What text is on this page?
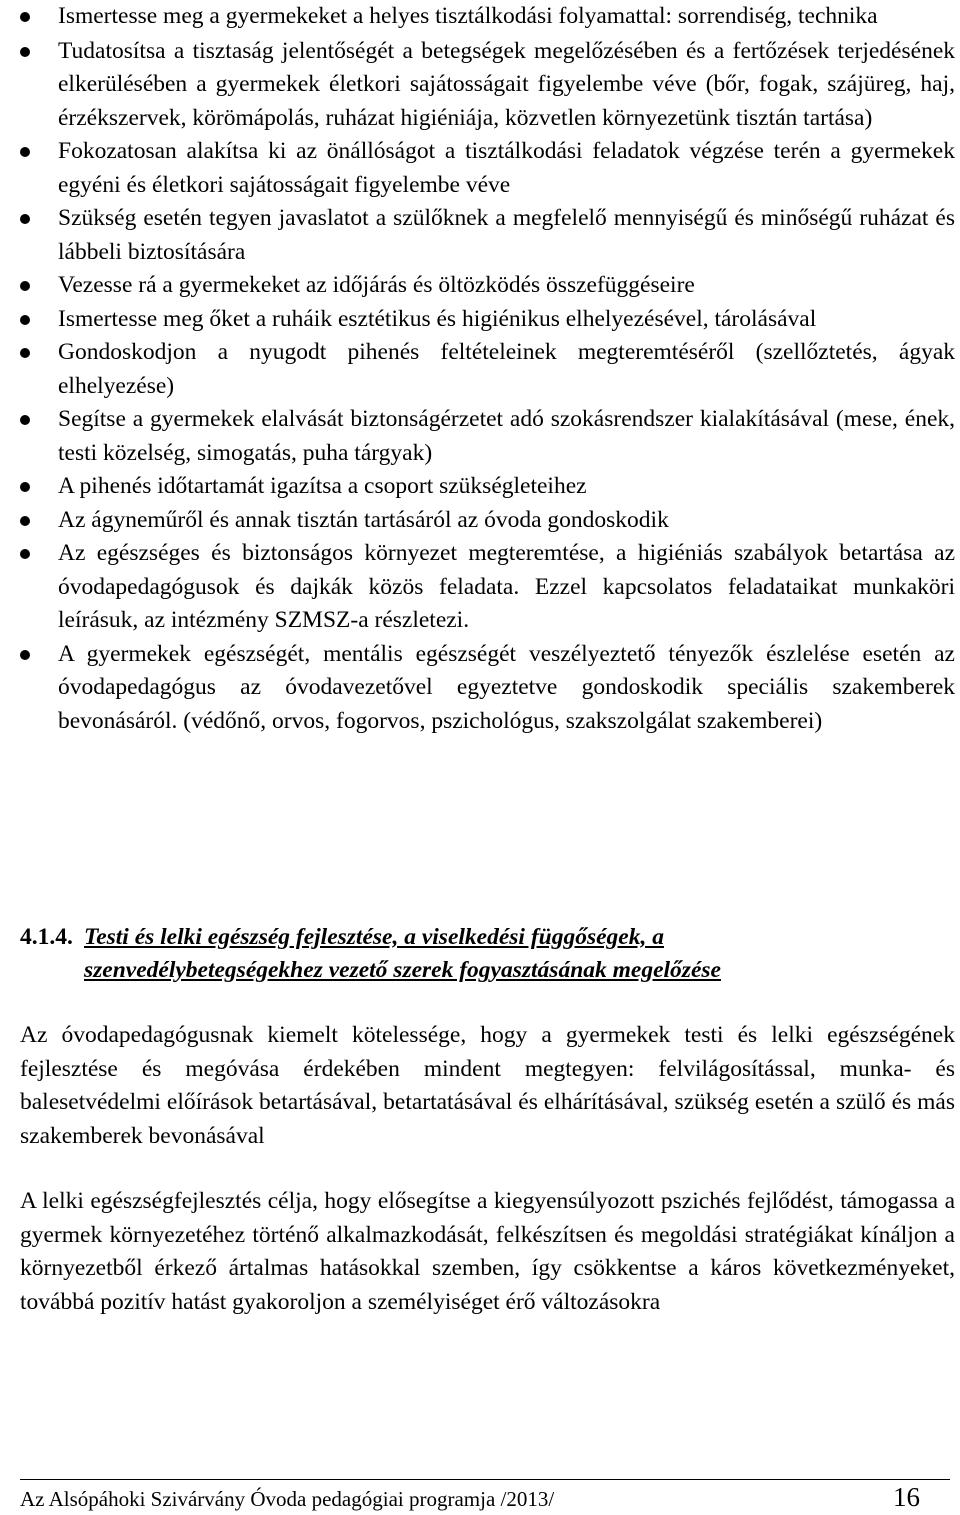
Ismertesse meg a gyermekeket a helyes tisztálkodási folyamattal: sorrendiség, technika
Tudatosítsa a tisztaság jelentőségét a betegségek megelőzésében és a fertőzések terjedésének elkerülésében a gyermekek életkori sajátosságait figyelembe véve (bőr, fogak, szájüreg, haj, érzékszervek, körömápolás, ruházat higiéniája, közvetlen környezetünk tisztán tartása)
Fokozatosan alakítsa ki az önállóságot a tisztálkodási feladatok végzése terén a gyermekek egyéni és életkori sajátosságait figyelembe véve
Szükség esetén tegyen javaslatot a szülőknek a megfelelő mennyiségű és minőségű ruházat és lábbeli biztosítására
Vezesse rá a gyermekeket az időjárás és öltözködés összefüggéseire
Ismertesse meg őket a ruháik esztétikus és higiénikus elhelyezésével, tárolásával
Gondoskodjon a nyugodt pihenés feltételeinek megteremtéséről (szellőztetés, ágyak elhelyezése)
Segítse a gyermekek elalvását biztonságérzetet adó szokásrendszer kialakításával (mese, ének, testi közelség, simogatás, puha tárgyak)
A pihenés időtartamát igazítsa a csoport szükségleteihez
Az ágyneműről és annak tisztán tartásáról az óvoda gondoskodik
Az egészséges és biztonságos környezet megteremtése, a higiéniás szabályok betartása az óvodapedagógusok és dajkák közös feladata. Ezzel kapcsolatos feladataikat munkaköri leírásuk, az intézmény SZMSZ-a részletezi.
A gyermekek egészségét, mentális egészségét veszélyeztető tényezők észlelése esetén az óvodapedagógus az óvodavezetővel egyeztetve gondoskodik speciális szakemberek bevonásáról. (védőnő, orvos, fogorvos, pszichológus, szakszolgálat szakemberei)
4.1.4. Testi és lelki egészség fejlesztése, a viselkedési függőségek, a
szenvedélybetegségekhez vezető szerek fogyasztásának megelőzése

Az óvodapedagógusnak kiemelt kötelessége, hogy a gyermekek testi és lelki egészségének fejlesztése és megóvása érdekében mindent megtegyen: felvilágosítással, munka- és balesetvédelmi előírások betartásával, betartatásával és elhárításával, szükség esetén a szülő és más szakemberek bevonásával

A lelki egészségfejlesztés célja, hogy elősegítse a kiegyensúlyozott pszichés fejlődést, támogassa a gyermek környezetéhez történő alkalmazkodását, felkészítsen és megoldási stratégiákat kínáljon a környezetből érkező ártalmas hatásokkal szemben, így csökkentse a káros következményeket, továbbá pozitív hatást gyakoroljon a személyiséget érő változásokra

Az Alsópáhoki Szivárvány Óvoda pedagógiai programja /2013/	16
